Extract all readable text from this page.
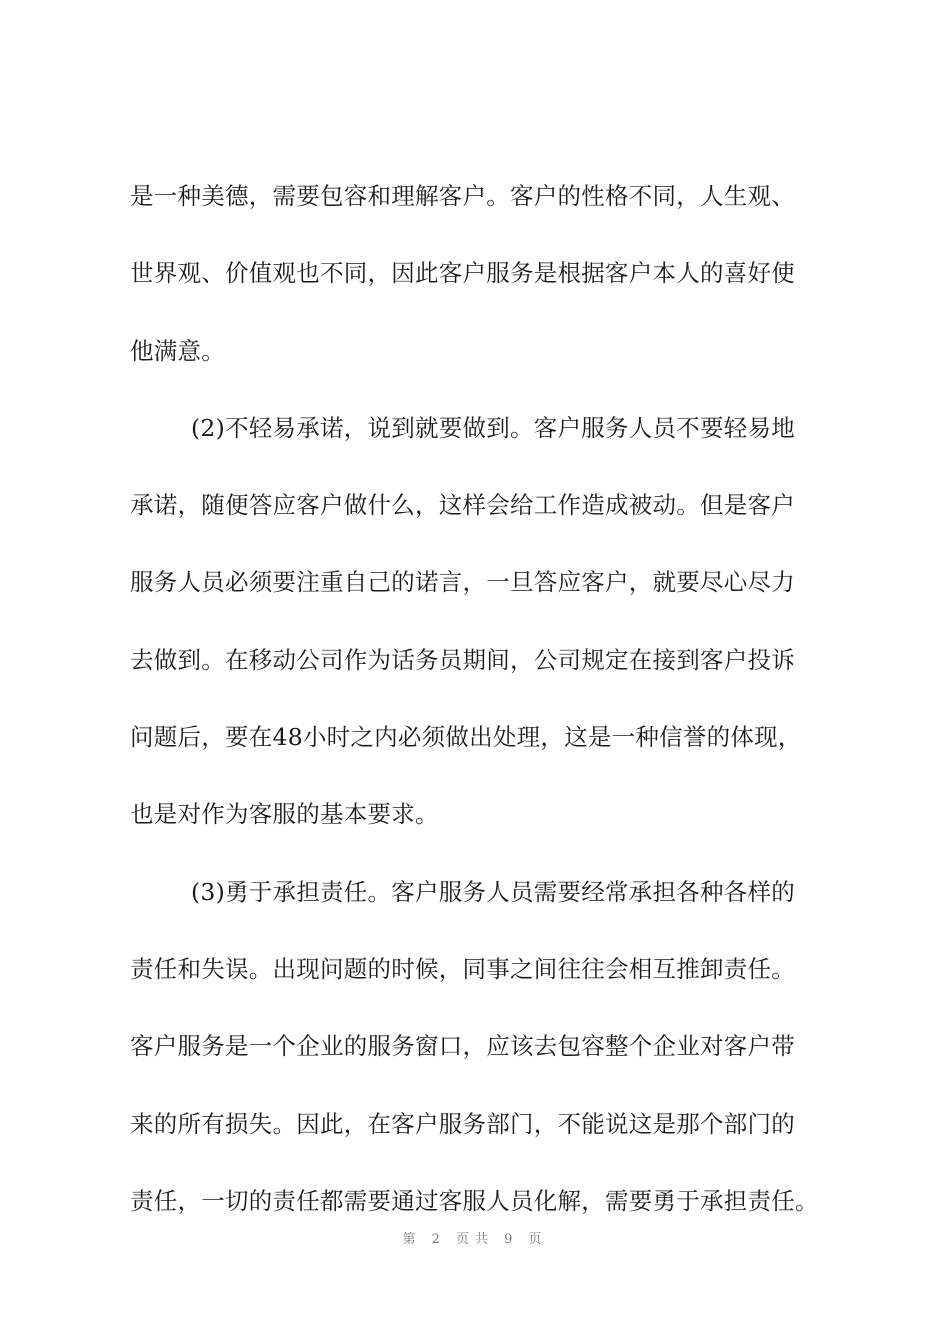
是一种美德，需要包容和理解客户。客户的性格不同，人生观、
世界观、价值观也不同，因此客户服务是根据客户本人的喜好使
他满意。
(2)不轻易承诺，说到就要做到。客户服务人员不要轻易地
承诺，随便答应客户做什么，这样会给工作造成被动。但是客户
服务人员必须要注重自己的诺言，一旦答应客户，就要尽心尽力
去做到。在移动公司作为话务员期间，公司规定在接到客户投诉
问题后，要在48小时之内必须做出处理，这是一种信誉的体现，
也是对作为客服的基本要求。
(3)勇于承担责任。客户服务人员需要经常承担各种各样的
责任和失误。出现问题的时候，同事之间往往会相互推卸责任。
客户服务是一个企业的服务窗口，应该去包容整个企业对客户带
来的所有损失。因此，在客户服务部门，不能说这是那个部门的
责任，一切的责任都需要通过客服人员化解，需要勇于承担责任。
第 2 页共 9 页
